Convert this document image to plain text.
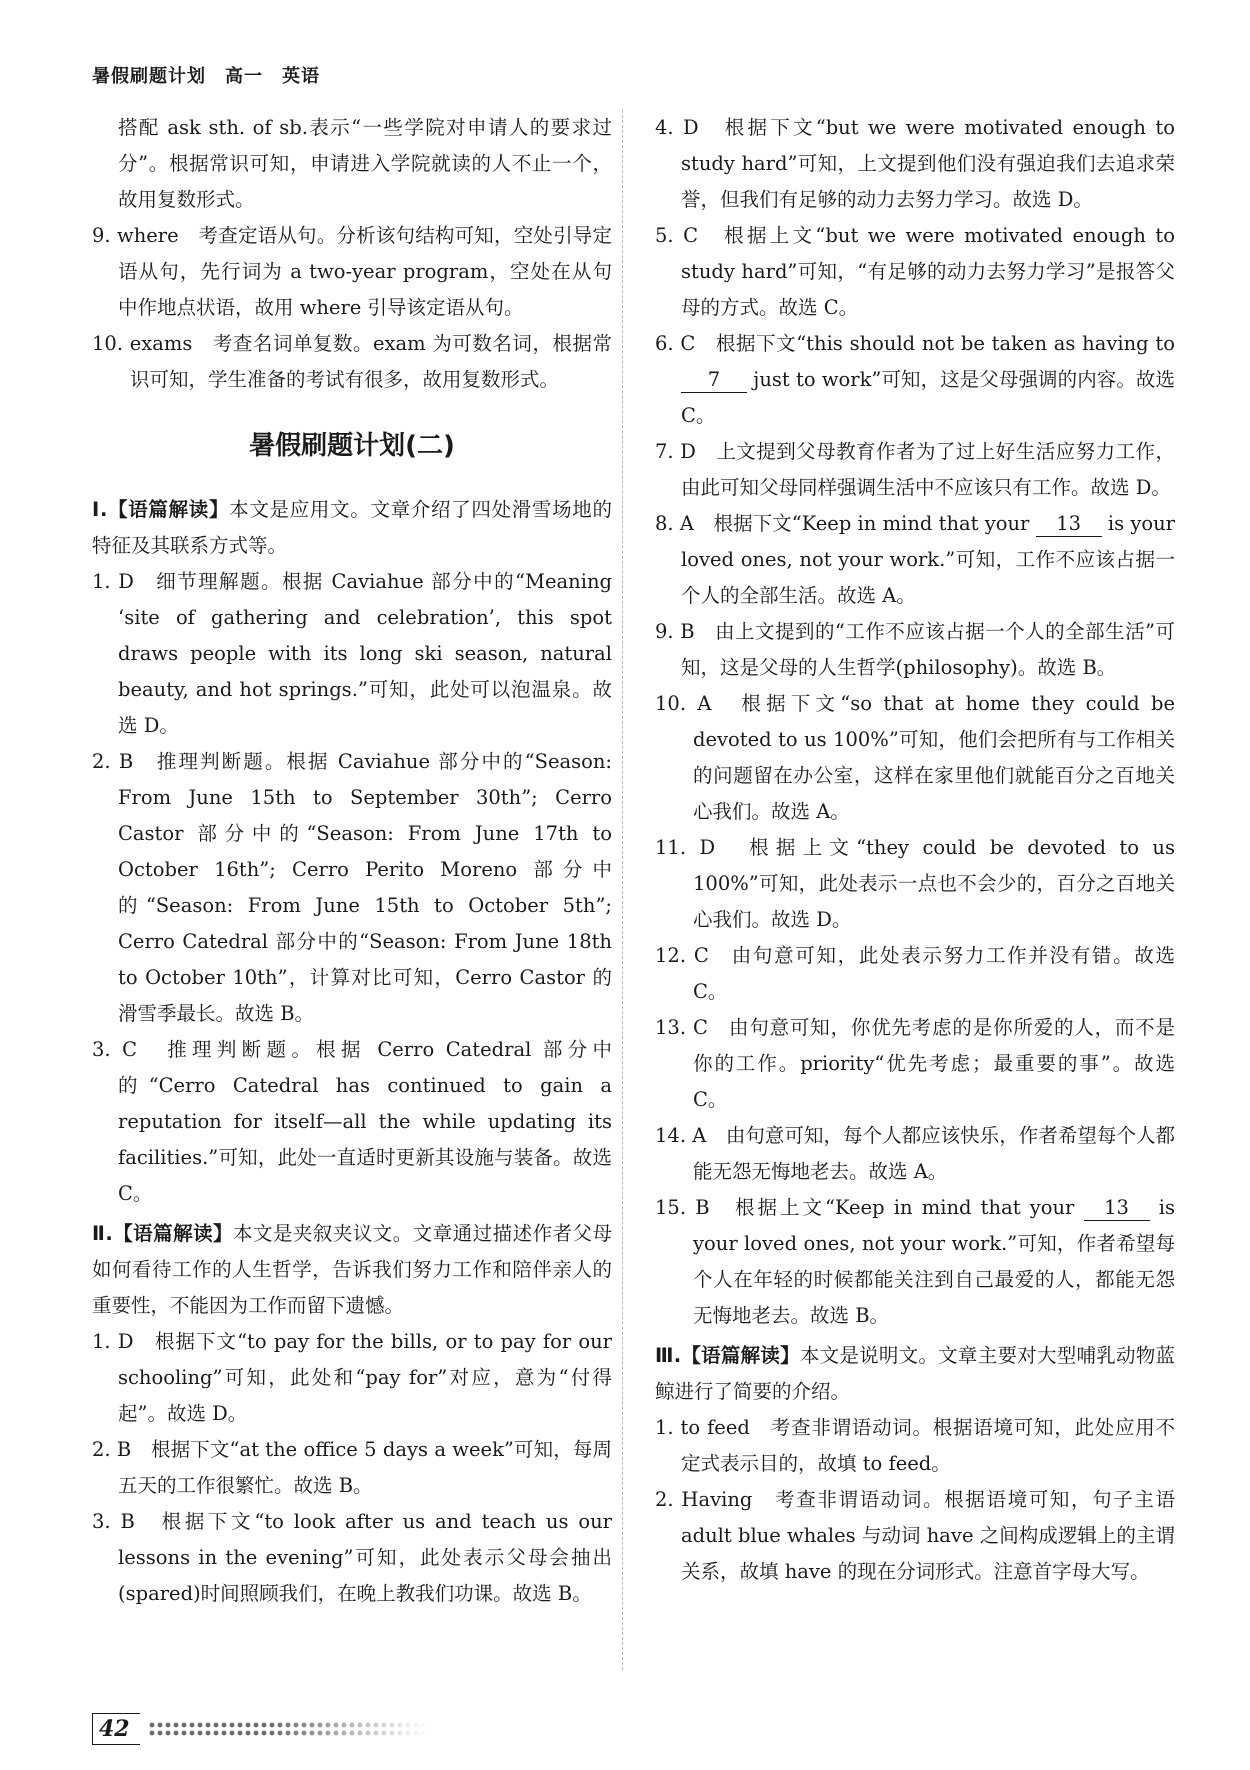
暑假刷题计划　高一　英语

搭配 ask sth. of sb.表示“一些学院对申请人的要求过分”。根据常识可知，申请进入学院就读的人不止一个，故用复数形式。

9. where　考查定语从句。分析该句结构可知，空处引导定语从句，先行词为 a two-year program，空处在从句中作地点状语，故用 where 引导该定语从句。

10. exams　考查名词单复数。exam 为可数名词，根据常识可知，学生准备的考试有很多，故用复数形式。

暑假刷题计划(二)

Ⅰ.【语篇解读】本文是应用文。文章介绍了四处滑雪场地的特征及其联系方式等。

1. D　细节理解题。根据 Caviahue 部分中的“Meaning ‘site of gathering and celebration’, this spot draws people with its long ski season, natural beauty, and hot springs.”可知，此处可以泡温泉。故选 D。

2. B　推理判断题。根据 Caviahue 部分中的“Season: From June 15th to September 30th”; Cerro Castor 部分中的“Season: From June 17th to October 16th”; Cerro Perito Moreno 部分中的“Season: From June 15th to October 5th”; Cerro Catedral 部分中的“Season: From June 18th to October 10th”，计算对比可知，Cerro Castor 的滑雪季最长。故选 B。

3. C　推理判断题。根据 Cerro Catedral 部分中的“Cerro Catedral has continued to gain a reputation for itself—all the while updating its facilities.”可知，此处一直适时更新其设施与装备。故选 C。

Ⅱ.【语篇解读】本文是夹叙夹议文。文章通过描述作者父母如何看待工作的人生哲学，告诉我们努力工作和陪伴亲人的重要性，不能因为工作而留下遗憾。

1. D　根据下文“to pay for the bills, or to pay for our schooling”可知，此处和“pay for”对应，意为“付得起”。故选 D。

2. B　根据下文“at the office 5 days a week”可知，每周五天的工作很繁忙。故选 B。

3. B　根据下文“to look after us and teach us our lessons in the evening”可知，此处表示父母会抽出(spared)时间照顾我们，在晚上教我们功课。故选 B。

4. D　根据下文“but we were motivated enough to study hard”可知，上文提到他们没有强迫我们去追求荣誉，但我们有足够的动力去努力学习。故选 D。

5. C　根据上文“but we were motivated enough to study hard”可知，“有足够的动力去努力学习”是报答父母的方式。故选 C。

6. C　根据下文“this should not be taken as having to 7 just to work”可知，这是父母强调的内容。故选 C。

7. D　上文提到父母教育作者为了过上好生活应努力工作，由此可知父母同样强调生活中不应该只有工作。故选 D。

8. A　根据下文“Keep in mind that your 13 is your loved ones, not your work.”可知，工作不应该占据一个人的全部生活。故选 A。

9. B　由上文提到的“工作不应该占据一个人的全部生活”可知，这是父母的人生哲学(philosophy)。故选 B。

10. A　根据下文“so that at home they could be devoted to us 100%”可知，他们会把所有与工作相关的问题留在办公室，这样在家里他们就能百分之百地关心我们。故选 A。

11. D　根据上文“they could be devoted to us 100%”可知，此处表示一点也不会少的，百分之百地关心我们。故选 D。

12. C　由句意可知，此处表示努力工作并没有错。故选 C。

13. C　由句意可知，你优先考虑的是你所爱的人，而不是你的工作。priority“优先考虑；最重要的事”。故选 C。

14. A　由句意可知，每个人都应该快乐，作者希望每个人都能无怨无悔地老去。故选 A。

15. B　根据上文“Keep in mind that your 13 is your loved ones, not your work.”可知，作者希望每个人在年轻的时候都能关注到自己最爱的人，都能无怨无悔地老去。故选 B。

Ⅲ.【语篇解读】本文是说明文。文章主要对大型哺乳动物蓝鲸进行了简要的介绍。

1. to feed　考查非谓语动词。根据语境可知，此处应用不定式表示目的，故填 to feed。

2. Having　考查非谓语动词。根据语境可知，句子主语 adult blue whales 与动词 have 之间构成逻辑上的主谓关系，故填 have 的现在分词形式。注意首字母大写。

42
